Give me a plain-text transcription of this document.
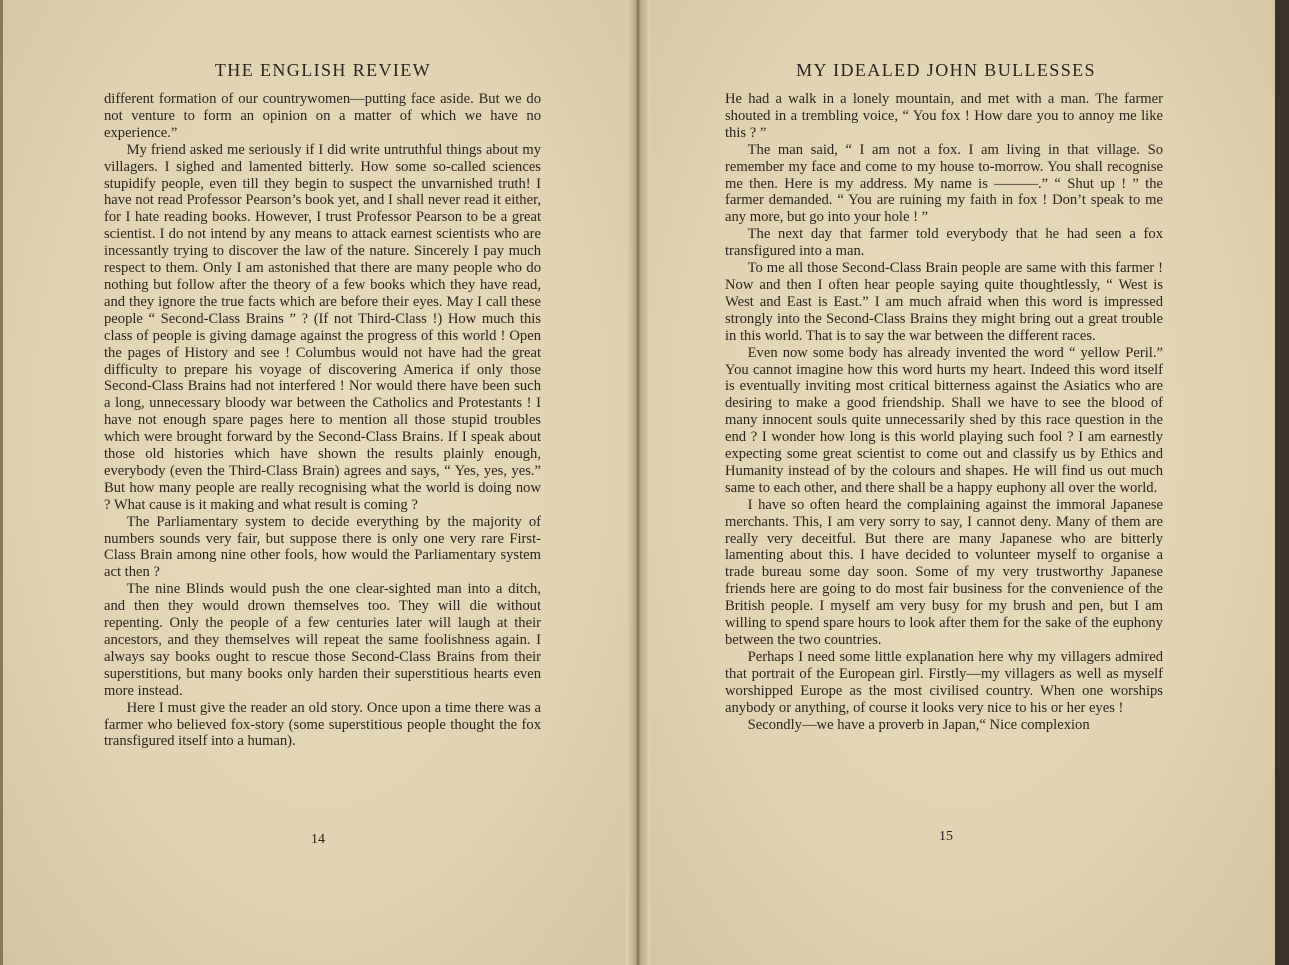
THE ENGLISH REVIEW

different formation of our countrywomen—putting face aside. But we do not venture to form an opinion on a matter of which we have no experience.”

My friend asked me seriously if I did write untruthful things about my villagers. I sighed and lamented bitterly. How some so-called sciences stupidify people, even till they begin to suspect the unvarnished truth! I have not read Professor Pearson’s book yet, and I shall never read it either, for I hate reading books. However, I trust Professor Pearson to be a great scientist. I do not intend by any means to attack earnest scientists who are incessantly trying to discover the law of the nature. Sincerely I pay much respect to them. Only I am astonished that there are many people who do nothing but follow after the theory of a few books which they have read, and they ignore the true facts which are before their eyes. May I call these people “ Second-Class Brains ” ? (If not Third-Class !) How much this class of people is giving damage against the progress of this world ! Open the pages of History and see ! Columbus would not have had the great difficulty to prepare his voyage of discovering America if only those Second-Class Brains had not interfered ! Nor would there have been such a long, unnecessary bloody war between the Catholics and Protestants ! I have not enough spare pages here to mention all those stupid troubles which were brought forward by the Second-Class Brains. If I speak about those old histories which have shown the results plainly enough, everybody (even the Third-Class Brain) agrees and says, “ Yes, yes, yes.” But how many people are really recognising what the world is doing now ? What cause is it making and what result is coming ?

The Parliamentary system to decide everything by the majority of numbers sounds very fair, but suppose there is only one very rare First-Class Brain among nine other fools, how would the Parliamentary system act then ?

The nine Blinds would push the one clear-sighted man into a ditch, and then they would drown themselves too. They will die without repenting. Only the people of a few centuries later will laugh at their ancestors, and they themselves will repeat the same foolishness again. I always say books ought to rescue those Second-Class Brains from their superstitions, but many books only harden their superstitious hearts even more instead.

Here I must give the reader an old story. Once upon a time there was a farmer who believed fox-story (some superstitious people thought the fox transfigured itself into a human).

14
MY IDEALED JOHN BULLESSES

He had a walk in a lonely mountain, and met with a man. The farmer shouted in a trembling voice, “ You fox ! How dare you to annoy me like this ? ”

The man said, “ I am not a fox. I am living in that village. So remember my face and come to my house to-morrow. You shall recognise me then. Here is my address. My name is ———.” “ Shut up ! ” the farmer demanded. “ You are ruining my faith in fox ! Don’t speak to me any more, but go into your hole ! ”

The next day that farmer told everybody that he had seen a fox transfigured into a man.

To me all those Second-Class Brain people are same with this farmer ! Now and then I often hear people saying quite thoughtlessly, “ West is West and East is East.” I am much afraid when this word is impressed strongly into the Second-Class Brains they might bring out a great trouble in this world. That is to say the war between the different races.

Even now some body has already invented the word “ yellow Peril.” You cannot imagine how this word hurts my heart. Indeed this word itself is eventually inviting most critical bitterness against the Asiatics who are desiring to make a good friendship. Shall we have to see the blood of many innocent souls quite unnecessarily shed by this race question in the end ? I wonder how long is this world playing such fool ? I am earnestly expecting some great scientist to come out and classify us by Ethics and Humanity instead of by the colours and shapes. He will find us out much same to each other, and there shall be a happy euphony all over the world.

I have so often heard the complaining against the immoral Japanese merchants. This, I am very sorry to say, I cannot deny. Many of them are really very deceitful. But there are many Japanese who are bitterly lamenting about this. I have decided to volunteer myself to organise a trade bureau some day soon. Some of my very trustworthy Japanese friends here are going to do most fair business for the convenience of the British people. I myself am very busy for my brush and pen, but I am willing to spend spare hours to look after them for the sake of the euphony between the two countries.

Perhaps I need some little explanation here why my villagers admired that portrait of the European girl. Firstly—my villagers as well as myself worshipped Europe as the most civilised country. When one worships anybody or anything, of course it looks very nice to his or her eyes !

Secondly—we have a proverb in Japan,“ Nice complexion

15
